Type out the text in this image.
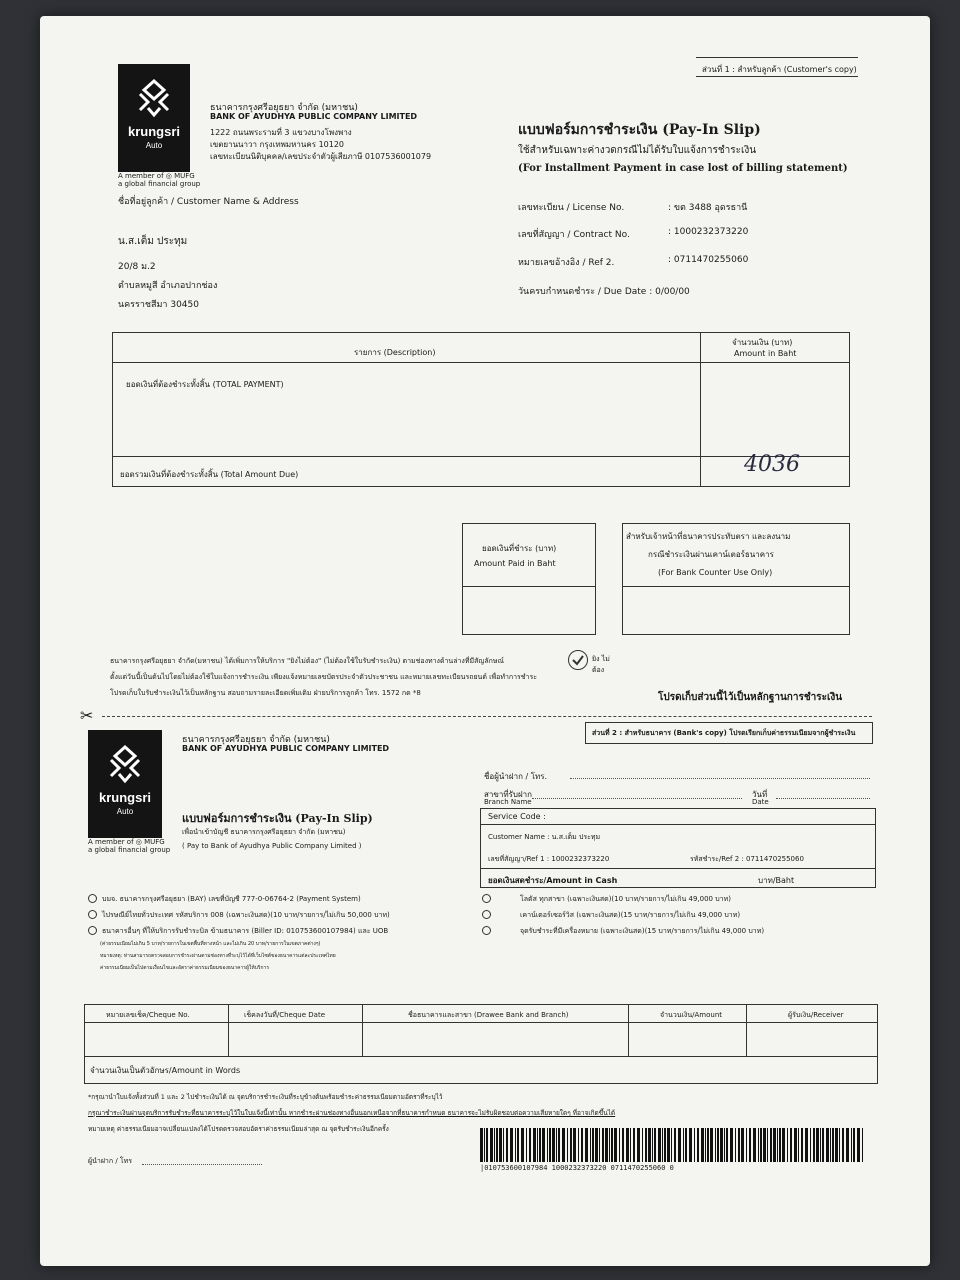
ส่วนที่ 1 : สำหรับลูกค้า (Customer's copy)
krungsri
Auto
A member of ◎ MUFG
a global financial group
ธนาคารกรุงศรีอยุธยา จำกัด (มหาชน)
BANK OF AYUDHYA PUBLIC COMPANY LIMITED
1222 ถนนพระรามที่ 3 แขวงบางโพงพาง
เขตยานนาวา กรุงเทพมหานคร 10120
เลขทะเบียนนิติบุคคล/เลขประจำตัวผู้เสียภาษี 0107536001079
แบบฟอร์มการชำระเงิน (Pay-In Slip)
ใช้สำหรับเฉพาะค่างวดกรณีไม่ได้รับใบแจ้งการชำระเงิน
(For Installment Payment in case lost of billing statement)
ชื่อที่อยู่ลูกค้า / Customer Name & Address
น.ส.เต็ม ประทุม
20/8 ม.2
ตำบลหมูสี อำเภอปากช่อง
นครราชสีมา 30450
เลขทะเบียน / License No.	: ขต 3488 อุดรธานี
เลขที่สัญญา / Contract No.	: 1000232373220
หมายเลขอ้างอิง / Ref 2.	: 0711470255060
วันครบกำหนดชำระ / Due Date : 0/00/00
รายการ (Description)
จำนวนเงิน (บาท)
Amount in Baht
ยอดเงินที่ต้องชำระทั้งสิ้น (TOTAL PAYMENT)
ยอดรวมเงินที่ต้องชำระทั้งสิ้น (Total Amount Due)	4036
ยอดเงินที่ชำระ (บาท)
Amount Paid in Baht
สำหรับเจ้าหน้าที่ธนาคารประทับตรา และลงนาม
กรณีชำระเงินผ่านเคาน์เตอร์ธนาคาร
(For Bank Counter Use Only)
ธนาคารกรุงศรีอยุธยา จำกัด(มหาชน) ได้เพิ่มการให้บริการ "ยิงไม่ต้อง" (ไม่ต้องใช้ใบรับชำระเงิน) ตามช่องทางด้านล่างที่มีสัญลักษณ์	ยิง ไม่ต้อง
ตั้งแต่วันนี้เป็นต้นไปโดยไม่ต้องใช้ใบแจ้งการชำระเงิน เพียงแจ้งหมายเลขบัตรประจำตัวประชาชน และหมายเลขทะเบียนรถยนต์ เพื่อทำการชำระ
โปรดเก็บใบรับชำระเงินไว้เป็นหลักฐาน สอบถามรายละเอียดเพิ่มเติม ฝ่ายบริการลูกค้า โทร. 1572 กด *8	โปรดเก็บส่วนนี้ไว้เป็นหลักฐานการชำระเงิน
✂
ส่วนที่ 2 : สำหรับธนาคาร (Bank's copy) โปรดเรียกเก็บค่าธรรมเนียมจากผู้ชำระเงิน
krungsri
Auto
A member of ◎ MUFG
a global financial group
ธนาคารกรุงศรีอยุธยา จำกัด (มหาชน)
BANK OF AYUDHYA PUBLIC COMPANY LIMITED
แบบฟอร์มการชำระเงิน (Pay-In Slip)
เพื่อนำเข้าบัญชี ธนาคารกรุงศรีอยุธยา จำกัด (มหาชน)
( Pay to Bank of Ayudhya Public Company Limited )
ชื่อผู้นำฝาก / โทร.
สาขาที่รับฝาก
Branch Name
วันที่
Date
Service Code :
Customer Name : น.ส.เต็ม ประทุม
เลขที่สัญญา/Ref 1 : 1000232373220	รหัสชำระ/Ref 2 : 0711470255060
ยอดเงินสดชำระ/Amount in Cash	บาท/Baht
บมจ. ธนาคารกรุงศรีอยุธยา (BAY) เลขที่บัญชี 777-0-06764-2 (Payment System)
ไปรษณีย์ไทยทั่วประเทศ รหัสบริการ 008 (เฉพาะเงินสด)(10 บาท/รายการ/ไม่เกิน 50,000 บาท)
ธนาคารอื่นๆ ที่ให้บริการรับชำระบิล ข้ามธนาคาร (Biller ID: 010753600107984) และ UOB
(ค่าธรรมเนียมไม่เกิน 5 บาท/รายการในเขตพื้นที่ทางหน้า และไม่เกิน 20 บาท/รายการในเขตภาคต่างๆ)
หมายเหตุ: ท่านสามารถตรวจสอบการชำระผ่านตามช่องทางที่ระบุไว้ได้ที่เว็บไซต์ของธนาคารแต่ละประเทศไทย
ค่าธรรมเนียมเป็นไปตามเงื่อนไขและอัตราค่าธรรมเนียมของธนาคารผู้ให้บริการ
โลตัส ทุกสาขา (เฉพาะเงินสด)(10 บาท/รายการ/ไม่เกิน 49,000 บาท)
เคาน์เตอร์เซอร์วิส (เฉพาะเงินสด)(15 บาท/รายการ/ไม่เกิน 49,000 บาท)
จุดรับชำระที่มีเครื่องหมาย (เฉพาะเงินสด)(15 บาท/รายการ/ไม่เกิน 49,000 บาท)
หมายเลขเช็ค/Cheque No.	เช็คลงวันที่/Cheque Date	ชื่อธนาคารและสาขา (Drawee Bank and Branch)	จำนวนเงิน/Amount	ผู้รับเงิน/Receiver
จำนวนเงินเป็นตัวอักษร/Amount in Words
*กรุณานำใบแจ้งทั้งส่วนที่ 1 และ 2 ไปชำระเงินได้ ณ จุดบริการชำระเงินที่ระบุข้างต้นพร้อมชำระค่าธรรมเนียมตามอัตราที่ระบุไว้
กรุณาชำระเงินผ่านจุดบริการรับชำระที่ธนาคารระบุไว้ในใบแจ้งนี้เท่านั้น หากชำระผ่านช่องทางอื่นนอกเหนือจากที่ธนาคารกำหนด ธนาคารจะไม่รับผิดชอบต่อความเสียหายใดๆ ที่อาจเกิดขึ้นได้
หมายเหตุ ค่าธรรมเนียมอาจเปลี่ยนแปลงได้โปรดตรวจสอบอัตราค่าธรรมเนียมล่าสุด ณ จุดรับชำระเงินอีกครั้ง
ผู้นำฝาก / โทร
|010753600107984 1000232373220 0711470255060 0
